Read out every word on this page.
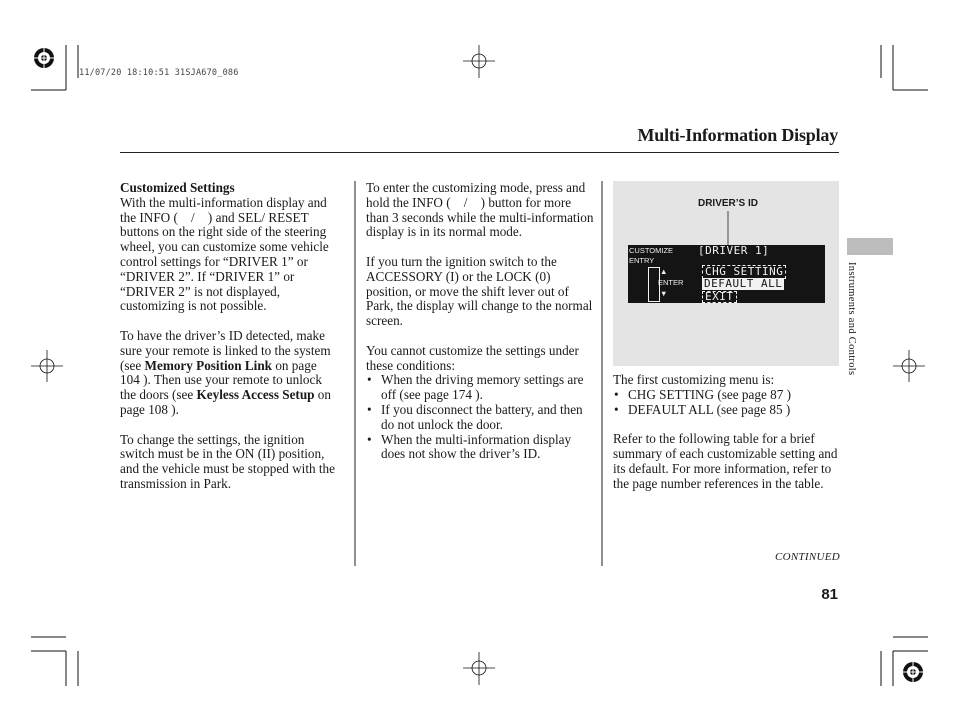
11/07/20 18:10:51 31SJA670_086
Multi-Information Display
Customized Settings

With the multi-information display and the INFO ( / ) and SEL/ RESET buttons on the right side of the steering wheel, you can customize some vehicle control settings for “DRIVER 1” or “DRIVER 2”. If “DRIVER 1” or “DRIVER 2” is not displayed, customizing is not possible.

To have the driver’s ID detected, make sure your remote is linked to the system (see Memory Position Link on page 104 ). Then use your remote to unlock the doors (see Keyless Access Setup on page 108 ).

To change the settings, the ignition switch must be in the ON (II) position, and the vehicle must be stopped with the transmission in Park.

To enter the customizing mode, press and hold the INFO ( / ) button for more than 3 seconds while the multi-information display is in its normal mode.

If you turn the ignition switch to the ACCESSORY (I) or the LOCK (0) position, or move the shift lever out of Park, the display will change to the normal screen.

You cannot customize the settings under these conditions:
• When the driving memory settings are off (see page 174 ).
• If you disconnect the battery, and then do not unlock the door.
• When the multi-information display does not show the driver’s ID.
DRIVER’S ID
CUSTOMIZE
ENTRY
[DRIVER 1]
▲
ENTER
▼
CHG SETTING
DEFAULT ALL
EXIT
The first customizing menu is:
• CHG SETTING (see page 87 )
• DEFAULT ALL (see page 85 )

Refer to the following table for a brief summary of each customizable setting and its default. For more information, refer to the page number references in the table.

Instruments and Controls
CONTINUED
81
